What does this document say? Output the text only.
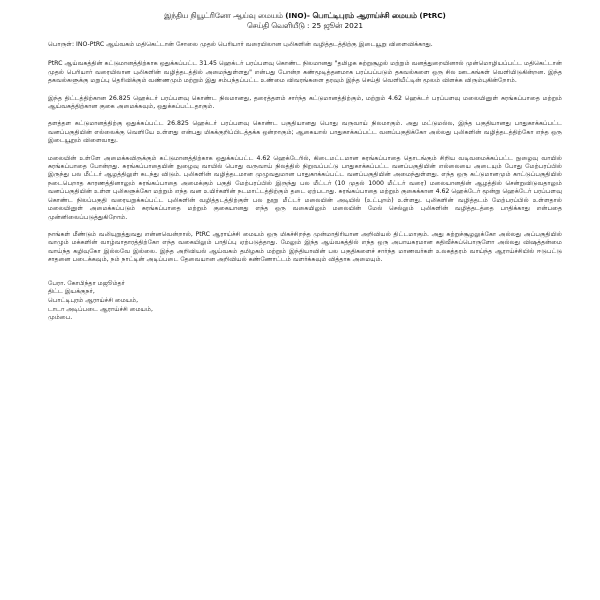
இந்திய நியூட்ரினோ ஆய்வு மையம் (INO)- பொட்டிபுரம் ஆராய்ச்சி மையம் (PtRC)
செய்தி வெளியீடு : 25 ஜூன் 2021

பொருள்: INO-PtRC ஆய்வகம் மதிகெட்டான் சோலை முதல் பெரியார் வரையிலான புலிகளின் வழித்தடத்திற்கு இடையூறு விளைவிக்காது.

PtRC ஆய்வகத்தின் கட்டுமானத்திற்காக ஒதுக்கப்பட்ட 31.45 ஹெக்டர் பரப்பளவு கொண்ட நிலமானது "தமிழக சுற்றுசூழல் மற்றும் வனத்துறையினால் முன்மொழியப்பட்ட மதிகெட்டான் முதல் பெரியார் வரையிலான புலிகளின் வழித்தடத்தில் அமைந்துள்ளது" என்பது போன்ற கண்மூடித்தனமாக பரப்பப்படும் தகவல்களை ஒரு சில ஊடகங்கள் வெளியிடுகின்றன. இந்த தகவல்களுக்கு மறுப்பு தெரிவிக்கும் வண்ணமும் மற்றும் இது சம்பந்தப்பட்ட உண்மை விவரங்களை தரவும் இந்த செய்தி வெளியீட்டின் மூலம் விளக்க விரும்புகின்றோம்.

இந்த திட்டத்திற்கான 26.825 ஹெக்டர் பரப்பளவு கொண்ட நிலமானது, தரைத்தளம் சார்ந்த கட்டுமானத்திற்கும், மற்றும் 4.62 ஹெக்டர் பரப்பளவு மலையினுள் சுரங்கப்பாதை மற்றும் ஆய்வகத்திற்கான குகை அமைக்கவும், ஒதுக்கப்பட்டதாகும்.

தளத்தள கட்டுமானத்திற்கு ஒதுக்கப்பட்ட 26.825 ஹெக்டர் பரப்பளவு கொண்ட பகுதியானது பொது வருவாய் நிலமாகும். அது மட்டுமல்ல, இந்த பகுதியானது பாதுகாக்கப்பட்ட வனப்பகுதியின் எல்லைக்கு வெளியே உள்ளது என்பது மிகக்குறிப்பிடத்தக்க ஒன்றாகும்; ஆகையால் பாதுகாக்கப்பட்ட வனப்பகுதிக்கோ அல்லது புலிகளின் வழித்தடத்திற்கோ எந்த ஒரு இடையூறும் விளைவாது.

மலையின் உள்ளே அமைக்கவிருக்கும் கட்டுமானத்திற்காக ஒதுக்கப்பட்ட 4.62 ஹெக்டேரில், கிடைமட்டமான சுரங்கப்பாதை தொடங்கும் சிறிய வடிவமைக்கப்பட்ட நுழைவு வாயில் சுரங்கப்பாதை போன்றது. சுரங்கப்பாதையின் நுழைவு வாயில் பொது வருவாய் நிலத்தில் நிறுவப்பட்டு பாதுகாக்கப்பட்ட வனப்பகுதியின் எல்லையை அடையும் போது மேற்பரப்பில் இருந்து பல மீட்டர் ஆழத்திலுள் கடந்து விடும். புலிகளின் வழித்தடமான முழுவதுமான பாதுகாக்கப்பட்ட வனப்பகுதியின் அமைந்துள்ளது. எந்த ஒரு கட்டுமானமும் காட்டுப்பகுதியில் நடைபெறாத காரணத்தினாலும் சுரங்கப்பாதை அமைக்கும் பகுதி மேற்பரப்பில் இருந்து பல மீட்டர் (10 முதல் 1000 மீட்டர் வரை) மலையானதின் ஆழத்தில் சென்றுவிடுவதாலும் வனப்பகுதியின் உள்ள புலிகளுக்கோ மற்றும் எந்த வன உயிர்களின் நடமாட்டத்திற்கும் தடை ஏற்படாது. சுரங்கப்பாதை மற்றும் குகைக்கான 4.62 ஹெக்டேர் மூன்று ஹெக்டேர் பரப்பளவு கொண்ட நிலப்பகுதி வரையறுக்கப்பட்ட புலிகளின் வழித்தடத்திற்குள் பல நூறு மீட்டர் மலையின் அடியில் (உட்புறம்) உள்ளது. புலிகளின் வழித்தடம் மேற்பரப்பில் உள்ளதால் மலையினுள் அமைக்கப்படும் சுரங்கப்பாதை மற்றும் குகையானது எந்த ஒரு வகையிலும் மலையின் மேல் செல்லும் புலிகளின் வழித்தடத்தை பாதிக்காது என்பதை முன்னிலைப்படுத்துகிறோம்.

நாங்கள் மீண்டும் வலியுறுத்துவது என்னவென்றால், PtRC ஆராய்ச்சி மையம் ஒரு மிகச்சிறந்த முன்மாதிரியான அறிவியல் திட்டமாகும். அது சுற்றுச்சூழலுக்கோ அல்லது அப்பகுதியில் வாழும் மக்களின் வாழ்வாதாரத்திற்கோ எந்த வகையிலும் பாதிப்பு ஏற்படுத்தாது. மேலும் இந்த ஆய்வகத்தில் எந்த ஒரு அபாயகரமான கதிவீச்சுப்பொருளோ அல்லது விஷத்தன்மை வாய்ந்த கழிவுகோ இல்லவே இல்லை. இந்த அறிவியல் ஆய்வகம் தமிழகம் மற்றும் இந்தியாவின் பல பகுதிகளைச் சார்ந்த மாணவர்கள் உலகத்தரம் வாய்ந்த ஆராய்ச்சியில் ஈடுபட்டு சாதனை படைக்கவும், நம் நாட்டின் அடிப்படை தேவையான அறிவியல் கண்ணோட்டம் வளர்க்கவும் வித்தாக அமையும்.

பேரா. கோபிந்தா மஜூம்தர்
திட்ட இயக்குநர்,
பொட்டிபுரம் ஆராய்ச்சி மையம்,
டாடா அடிப்படை ஆராய்ச்சி மையம்,
மும்பை.
